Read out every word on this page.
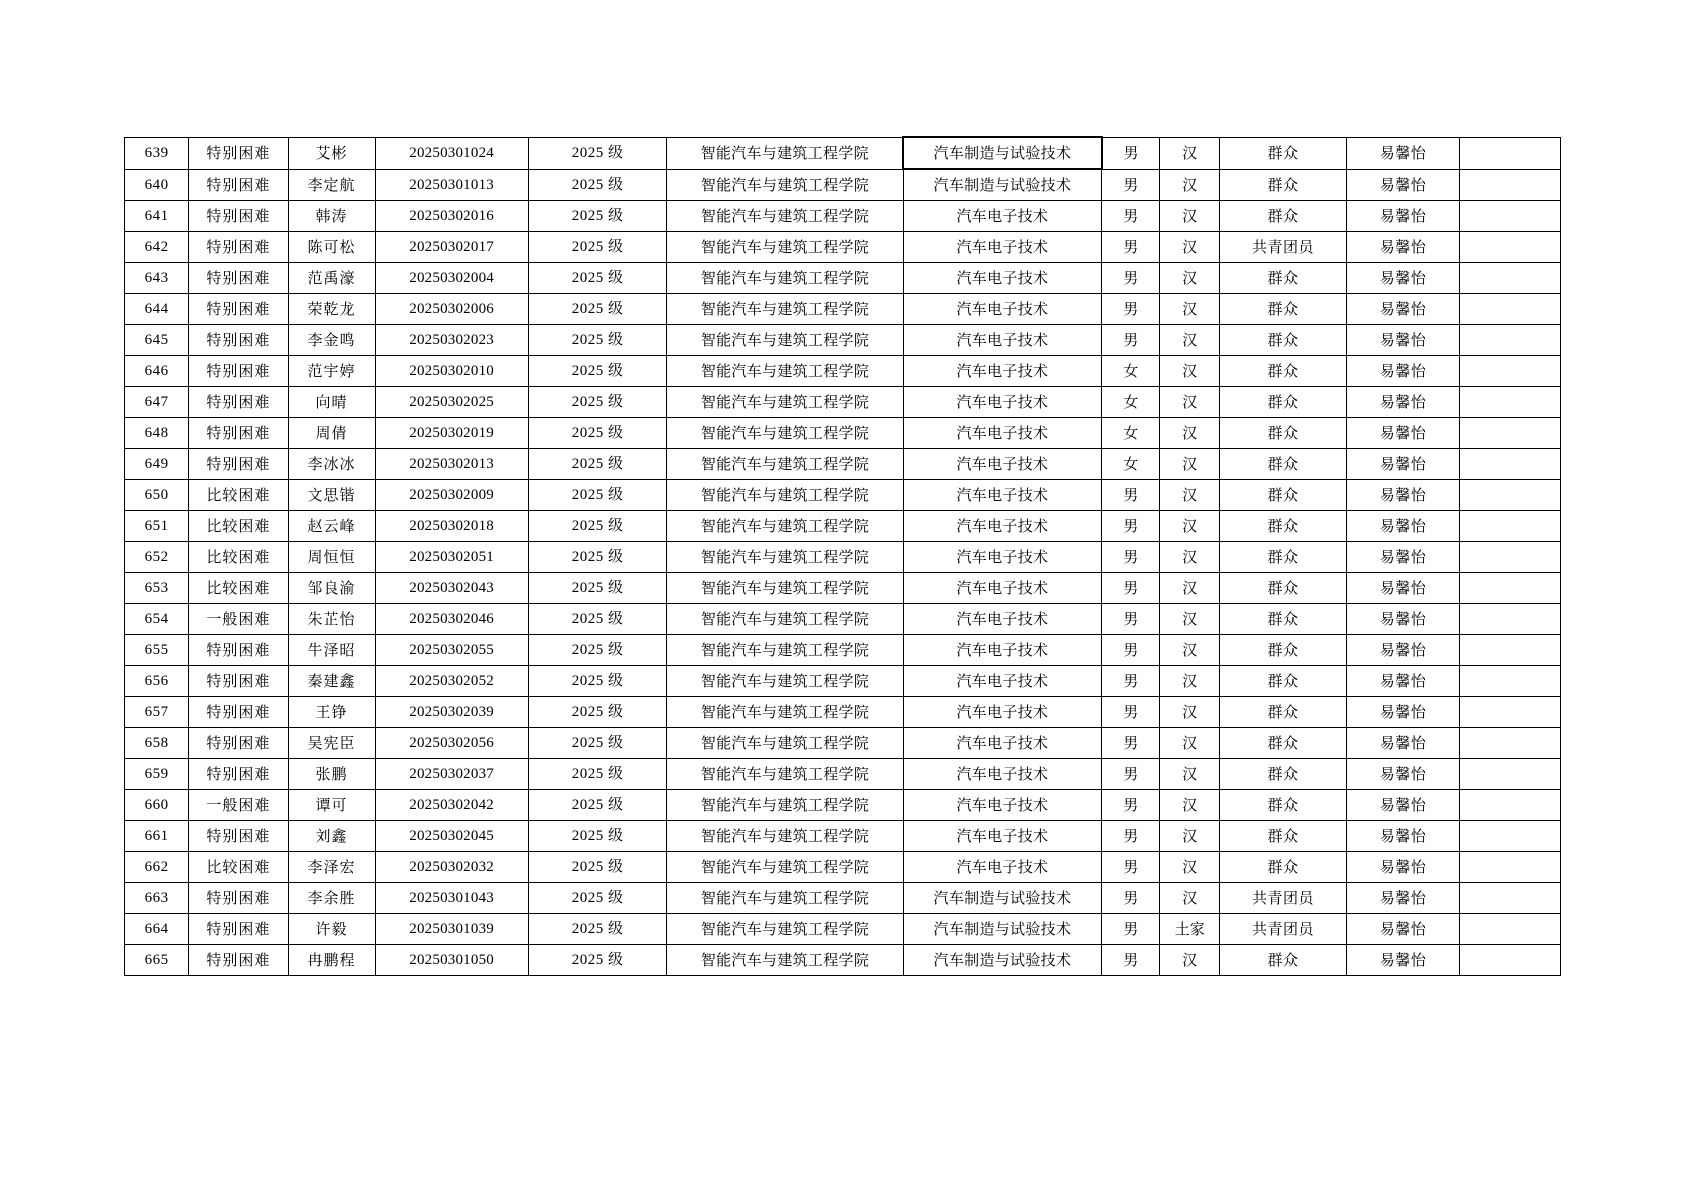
639	特别困难	艾彬	20250301024	2025 级	智能汽车与建筑工程学院	汽车制造与试验技术	男	汉	群众	易馨怡	
640	特别困难	李定航	20250301013	2025 级	智能汽车与建筑工程学院	汽车制造与试验技术	男	汉	群众	易馨怡	
641	特别困难	韩涛	20250302016	2025 级	智能汽车与建筑工程学院	汽车电子技术	男	汉	群众	易馨怡	
642	特别困难	陈可松	20250302017	2025 级	智能汽车与建筑工程学院	汽车电子技术	男	汉	共青团员	易馨怡	
643	特别困难	范禹濠	20250302004	2025 级	智能汽车与建筑工程学院	汽车电子技术	男	汉	群众	易馨怡	
644	特别困难	荣乾龙	20250302006	2025 级	智能汽车与建筑工程学院	汽车电子技术	男	汉	群众	易馨怡	
645	特别困难	李金鸣	20250302023	2025 级	智能汽车与建筑工程学院	汽车电子技术	男	汉	群众	易馨怡	
646	特别困难	范宇婷	20250302010	2025 级	智能汽车与建筑工程学院	汽车电子技术	女	汉	群众	易馨怡	
647	特别困难	向晴	20250302025	2025 级	智能汽车与建筑工程学院	汽车电子技术	女	汉	群众	易馨怡	
648	特别困难	周倩	20250302019	2025 级	智能汽车与建筑工程学院	汽车电子技术	女	汉	群众	易馨怡	
649	特别困难	李冰冰	20250302013	2025 级	智能汽车与建筑工程学院	汽车电子技术	女	汉	群众	易馨怡	
650	比较困难	文思锴	20250302009	2025 级	智能汽车与建筑工程学院	汽车电子技术	男	汉	群众	易馨怡	
651	比较困难	赵云峰	20250302018	2025 级	智能汽车与建筑工程学院	汽车电子技术	男	汉	群众	易馨怡	
652	比较困难	周恒恒	20250302051	2025 级	智能汽车与建筑工程学院	汽车电子技术	男	汉	群众	易馨怡	
653	比较困难	邹良渝	20250302043	2025 级	智能汽车与建筑工程学院	汽车电子技术	男	汉	群众	易馨怡	
654	一般困难	朱芷怡	20250302046	2025 级	智能汽车与建筑工程学院	汽车电子技术	男	汉	群众	易馨怡	
655	特别困难	牛泽昭	20250302055	2025 级	智能汽车与建筑工程学院	汽车电子技术	男	汉	群众	易馨怡	
656	特别困难	秦建鑫	20250302052	2025 级	智能汽车与建筑工程学院	汽车电子技术	男	汉	群众	易馨怡	
657	特别困难	王铮	20250302039	2025 级	智能汽车与建筑工程学院	汽车电子技术	男	汉	群众	易馨怡	
658	特别困难	吴宪臣	20250302056	2025 级	智能汽车与建筑工程学院	汽车电子技术	男	汉	群众	易馨怡	
659	特别困难	张鹏	20250302037	2025 级	智能汽车与建筑工程学院	汽车电子技术	男	汉	群众	易馨怡	
660	一般困难	谭可	20250302042	2025 级	智能汽车与建筑工程学院	汽车电子技术	男	汉	群众	易馨怡	
661	特别困难	刘鑫	20250302045	2025 级	智能汽车与建筑工程学院	汽车电子技术	男	汉	群众	易馨怡	
662	比较困难	李泽宏	20250302032	2025 级	智能汽车与建筑工程学院	汽车电子技术	男	汉	群众	易馨怡	
663	特别困难	李余胜	20250301043	2025 级	智能汽车与建筑工程学院	汽车制造与试验技术	男	汉	共青团员	易馨怡	
664	特别困难	许毅	20250301039	2025 级	智能汽车与建筑工程学院	汽车制造与试验技术	男	土家	共青团员	易馨怡	
665	特别困难	冉鹏程	20250301050	2025 级	智能汽车与建筑工程学院	汽车制造与试验技术	男	汉	群众	易馨怡	
